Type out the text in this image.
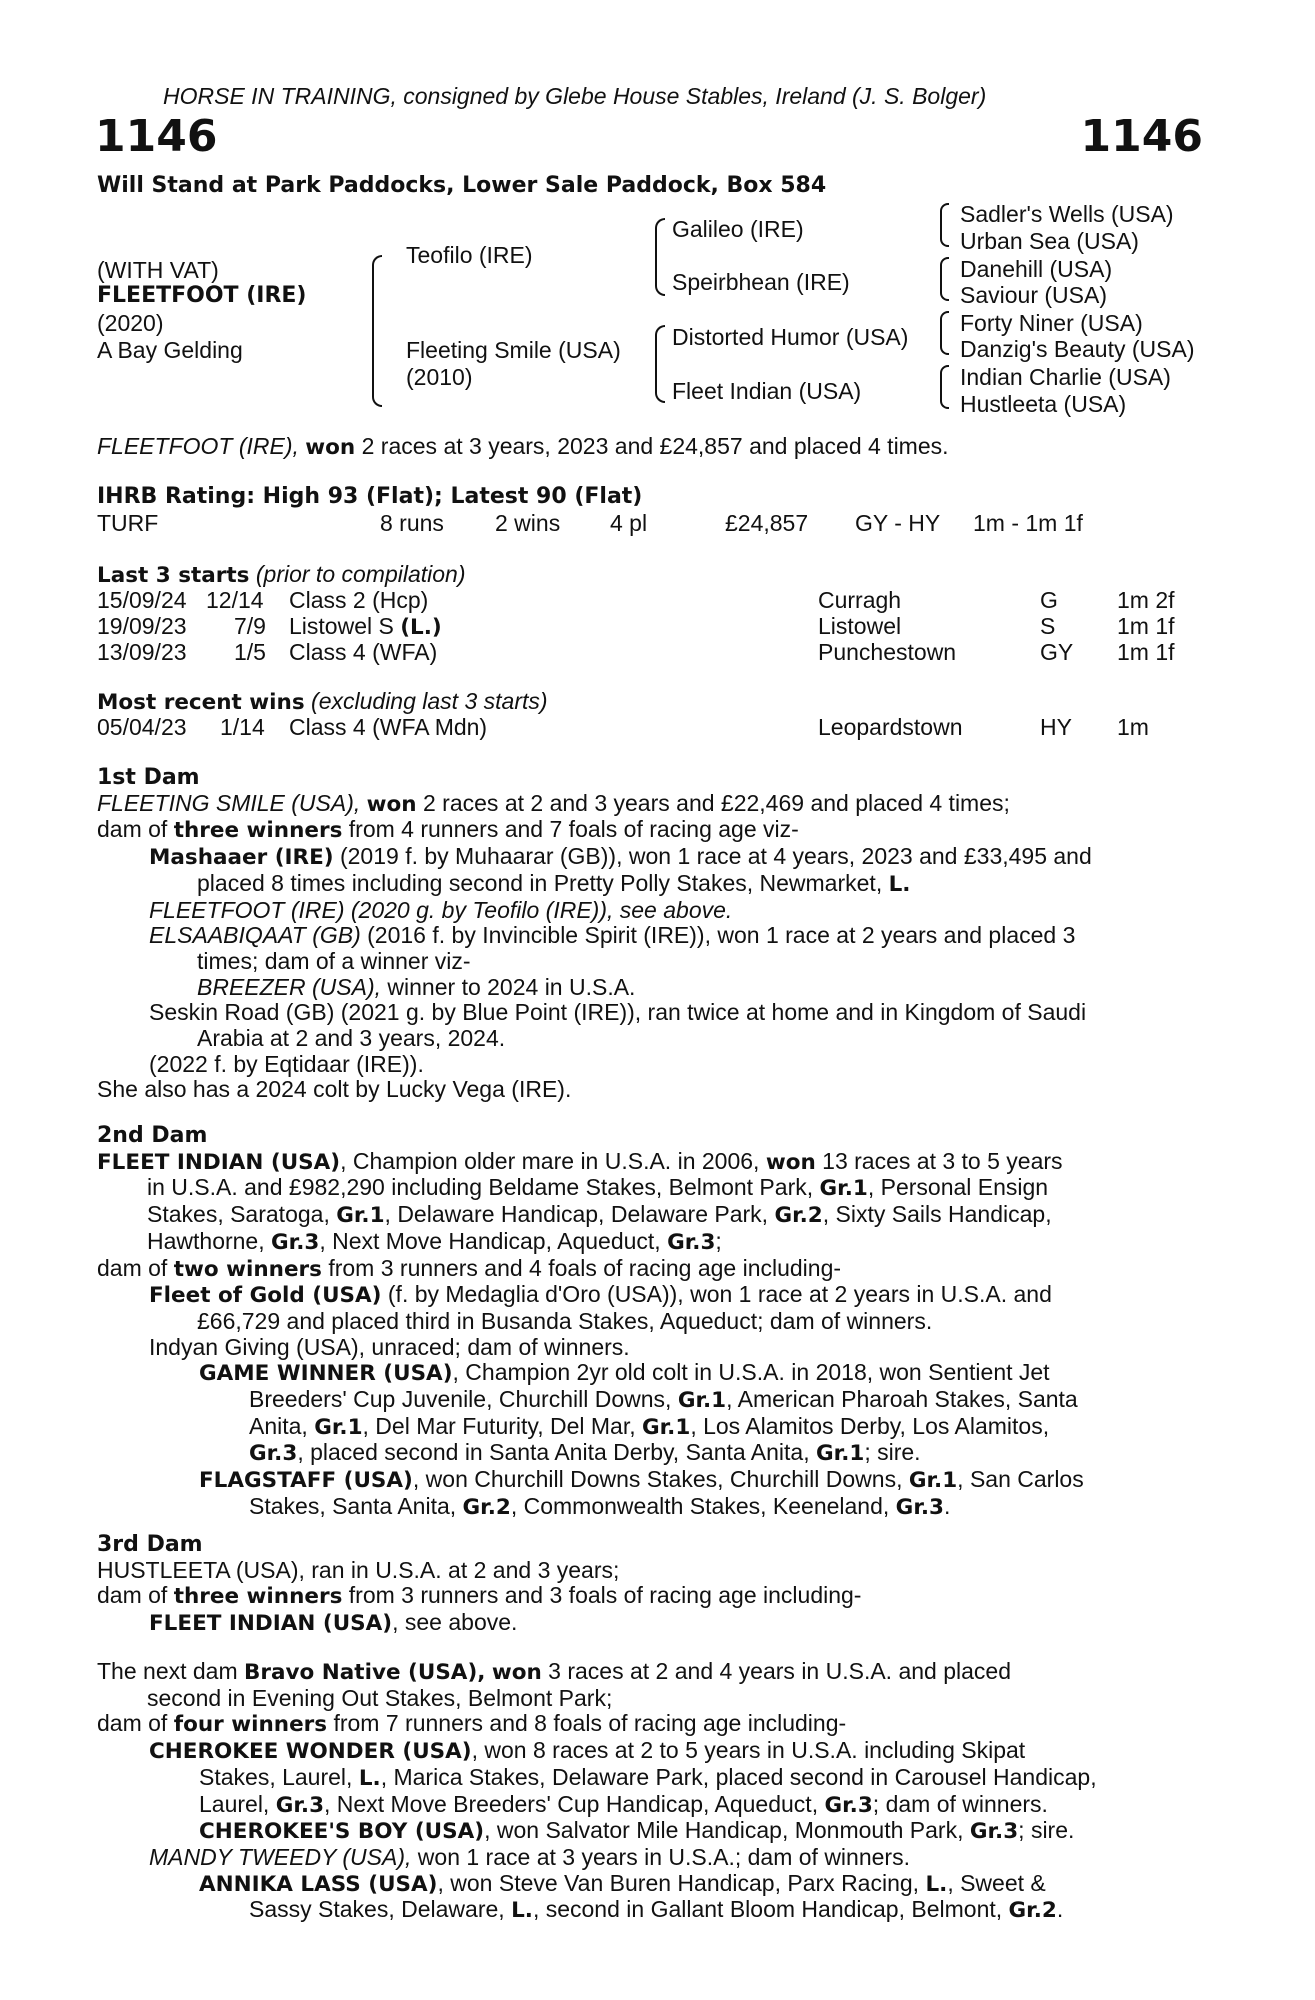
HORSE IN TRAINING, consigned by Glebe House Stables, Ireland (J. S. Bolger)
1146	1146
Will Stand at Park Paddocks, Lower Sale Paddock, Box 584
(WITH VAT)
FLEETFOOT (IRE)
(2020)
A Bay Gelding
Teofilo (IRE)
Fleeting Smile (USA)
(2010)
Galileo (IRE)
Speirbhean (IRE)
Distorted Humor (USA)
Fleet Indian (USA)
Sadler's Wells (USA)
Urban Sea (USA)
Danehill (USA)
Saviour (USA)
Forty Niner (USA)
Danzig's Beauty (USA)
Indian Charlie (USA)
Hustleeta (USA)
FLEETFOOT (IRE), won 2 races at 3 years, 2023 and £24,857 and placed 4 times.
IHRB Rating: High 93 (Flat); Latest 90 (Flat)
TURF	8 runs 2 wins 4 pl	£24,857 GY - HY 1m - 1m 1f
Last 3 starts (prior to compilation)
15/09/24 12/14 Class 2 (Hcp)	Curragh	G	1m 2f
19/09/23 7/9 Listowel S (L.)	Listowel	S	1m 1f
13/09/23 1/5 Class 4 (WFA)	Punchestown	GY 1m 1f
Most recent wins (excluding last 3 starts)
05/04/23 1/14 Class 4 (WFA Mdn)	Leopardstown	HY 1m
1st Dam
FLEETING SMILE (USA), won 2 races at 2 and 3 years and £22,469 and placed 4 times;
dam of three winners from 4 runners and 7 foals of racing age viz-
Mashaaer (IRE) (2019 f. by Muhaarar (GB)), won 1 race at 4 years, 2023 and £33,495 and
placed 8 times including second in Pretty Polly Stakes, Newmarket, L.
FLEETFOOT (IRE) (2020 g. by Teofilo (IRE)), see above.
ELSAABIQAAT (GB) (2016 f. by Invincible Spirit (IRE)), won 1 race at 2 years and placed 3
times; dam of a winner viz-
BREEZER (USA), winner to 2024 in U.S.A.
Seskin Road (GB) (2021 g. by Blue Point (IRE)), ran twice at home and in Kingdom of Saudi
Arabia at 2 and 3 years, 2024.
(2022 f. by Eqtidaar (IRE)).
She also has a 2024 colt by Lucky Vega (IRE).
2nd Dam
FLEET INDIAN (USA), Champion older mare in U.S.A. in 2006, won 13 races at 3 to 5 years
in U.S.A. and £982,290 including Beldame Stakes, Belmont Park, Gr.1, Personal Ensign
Stakes, Saratoga, Gr.1, Delaware Handicap, Delaware Park, Gr.2, Sixty Sails Handicap,
Hawthorne, Gr.3, Next Move Handicap, Aqueduct, Gr.3;
dam of two winners from 3 runners and 4 foals of racing age including-
Fleet of Gold (USA) (f. by Medaglia d'Oro (USA)), won 1 race at 2 years in U.S.A. and
£66,729 and placed third in Busanda Stakes, Aqueduct; dam of winners.
Indyan Giving (USA), unraced; dam of winners.
GAME WINNER (USA), Champion 2yr old colt in U.S.A. in 2018, won Sentient Jet
Breeders' Cup Juvenile, Churchill Downs, Gr.1, American Pharoah Stakes, Santa
Anita, Gr.1, Del Mar Futurity, Del Mar, Gr.1, Los Alamitos Derby, Los Alamitos,
Gr.3, placed second in Santa Anita Derby, Santa Anita, Gr.1; sire.
FLAGSTAFF (USA), won Churchill Downs Stakes, Churchill Downs, Gr.1, San Carlos
Stakes, Santa Anita, Gr.2, Commonwealth Stakes, Keeneland, Gr.3.
3rd Dam
HUSTLEETA (USA), ran in U.S.A. at 2 and 3 years;
dam of three winners from 3 runners and 3 foals of racing age including-
FLEET INDIAN (USA), see above.
The next dam Bravo Native (USA), won 3 races at 2 and 4 years in U.S.A. and placed
second in Evening Out Stakes, Belmont Park;
dam of four winners from 7 runners and 8 foals of racing age including-
CHEROKEE WONDER (USA), won 8 races at 2 to 5 years in U.S.A. including Skipat
Stakes, Laurel, L., Marica Stakes, Delaware Park, placed second in Carousel Handicap,
Laurel, Gr.3, Next Move Breeders' Cup Handicap, Aqueduct, Gr.3; dam of winners.
CHEROKEE'S BOY (USA), won Salvator Mile Handicap, Monmouth Park, Gr.3; sire.
MANDY TWEEDY (USA), won 1 race at 3 years in U.S.A.; dam of winners.
ANNIKA LASS (USA), won Steve Van Buren Handicap, Parx Racing, L., Sweet &
Sassy Stakes, Delaware, L., second in Gallant Bloom Handicap, Belmont, Gr.2.
